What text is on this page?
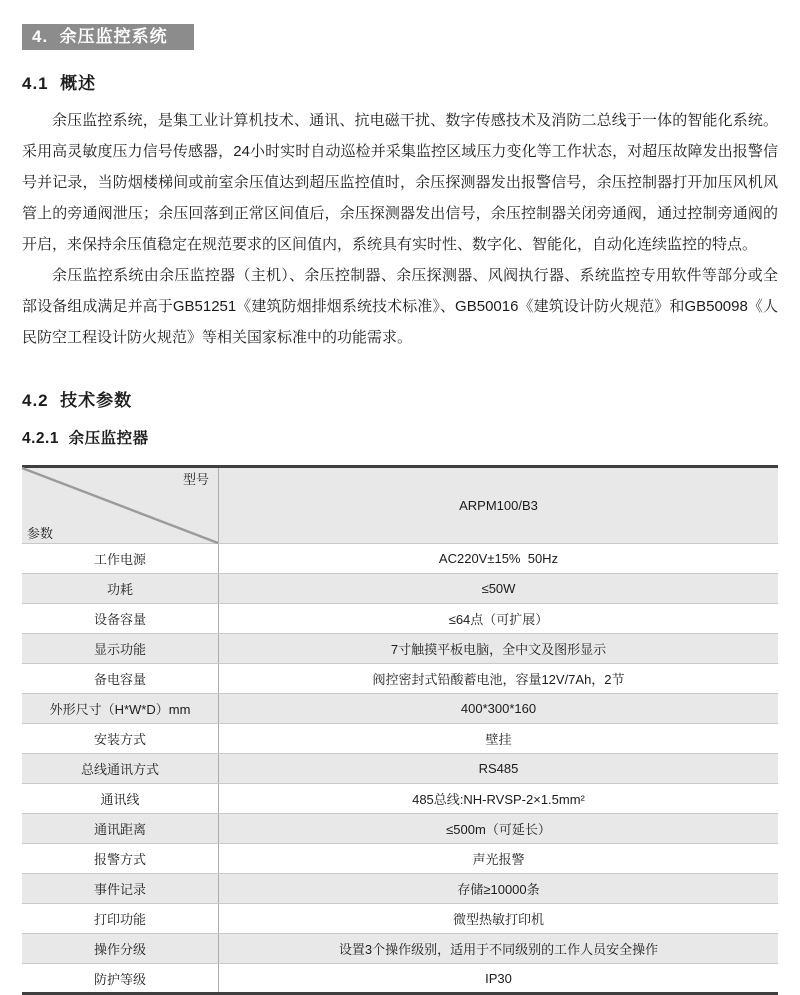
4.  余压监控系统
4.1  概述

余压监控系统，是集工业计算机技术、通讯、抗电磁干扰、数字传感技术及消防二总线于一体的智能化系统。采用高灵敏度压力信号传感器，24小时实时自动巡检并采集监控区域压力变化等工作状态，对超压故障发出报警信号并记录，当防烟楼梯间或前室余压值达到超压监控值时，余压探测器发出报警信号，余压控制器打开加压风机风管上的旁通阀泄压；余压回落到正常区间值后，余压探测器发出信号，余压控制器关闭旁通阀，通过控制旁通阀的开启，来保持余压值稳定在规范要求的区间值内，系统具有实时性、数字化、智能化，自动化连续监控的特点。

余压监控系统由余压监控器（主机）、余压控制器、余压探测器、风阀执行器、系统监控专用软件等部分或全部设备组成满足并高于GB51251《建筑防烟排烟系统技术标准》、GB50016《建筑设计防火规范》和GB50098《人民防空工程设计防火规范》等相关国家标准中的功能需求。

4.2  技术参数
4.2.1  余压监控器

型号

参数	ARPM100/B3
工作电源	AC220V±15%  50Hz
功耗	≤50W
设备容量	≤64点（可扩展）
显示功能	7寸触摸平板电脑，全中文及图形显示
备电容量	阀控密封式铅酸蓄电池，容量12V/7Ah，2节
外形尺寸（H*W*D）mm	400*300*160
安装方式	壁挂
总线通讯方式	RS485
通讯线	485总线:NH-RVSP-2×1.5mm²
通讯距离	≤500m（可延长）
报警方式	声光报警
事件记录	存储≥10000条
打印功能	微型热敏打印机
操作分级	设置3个操作级别，适用于不同级别的工作人员安全操作
防护等级	IP30
